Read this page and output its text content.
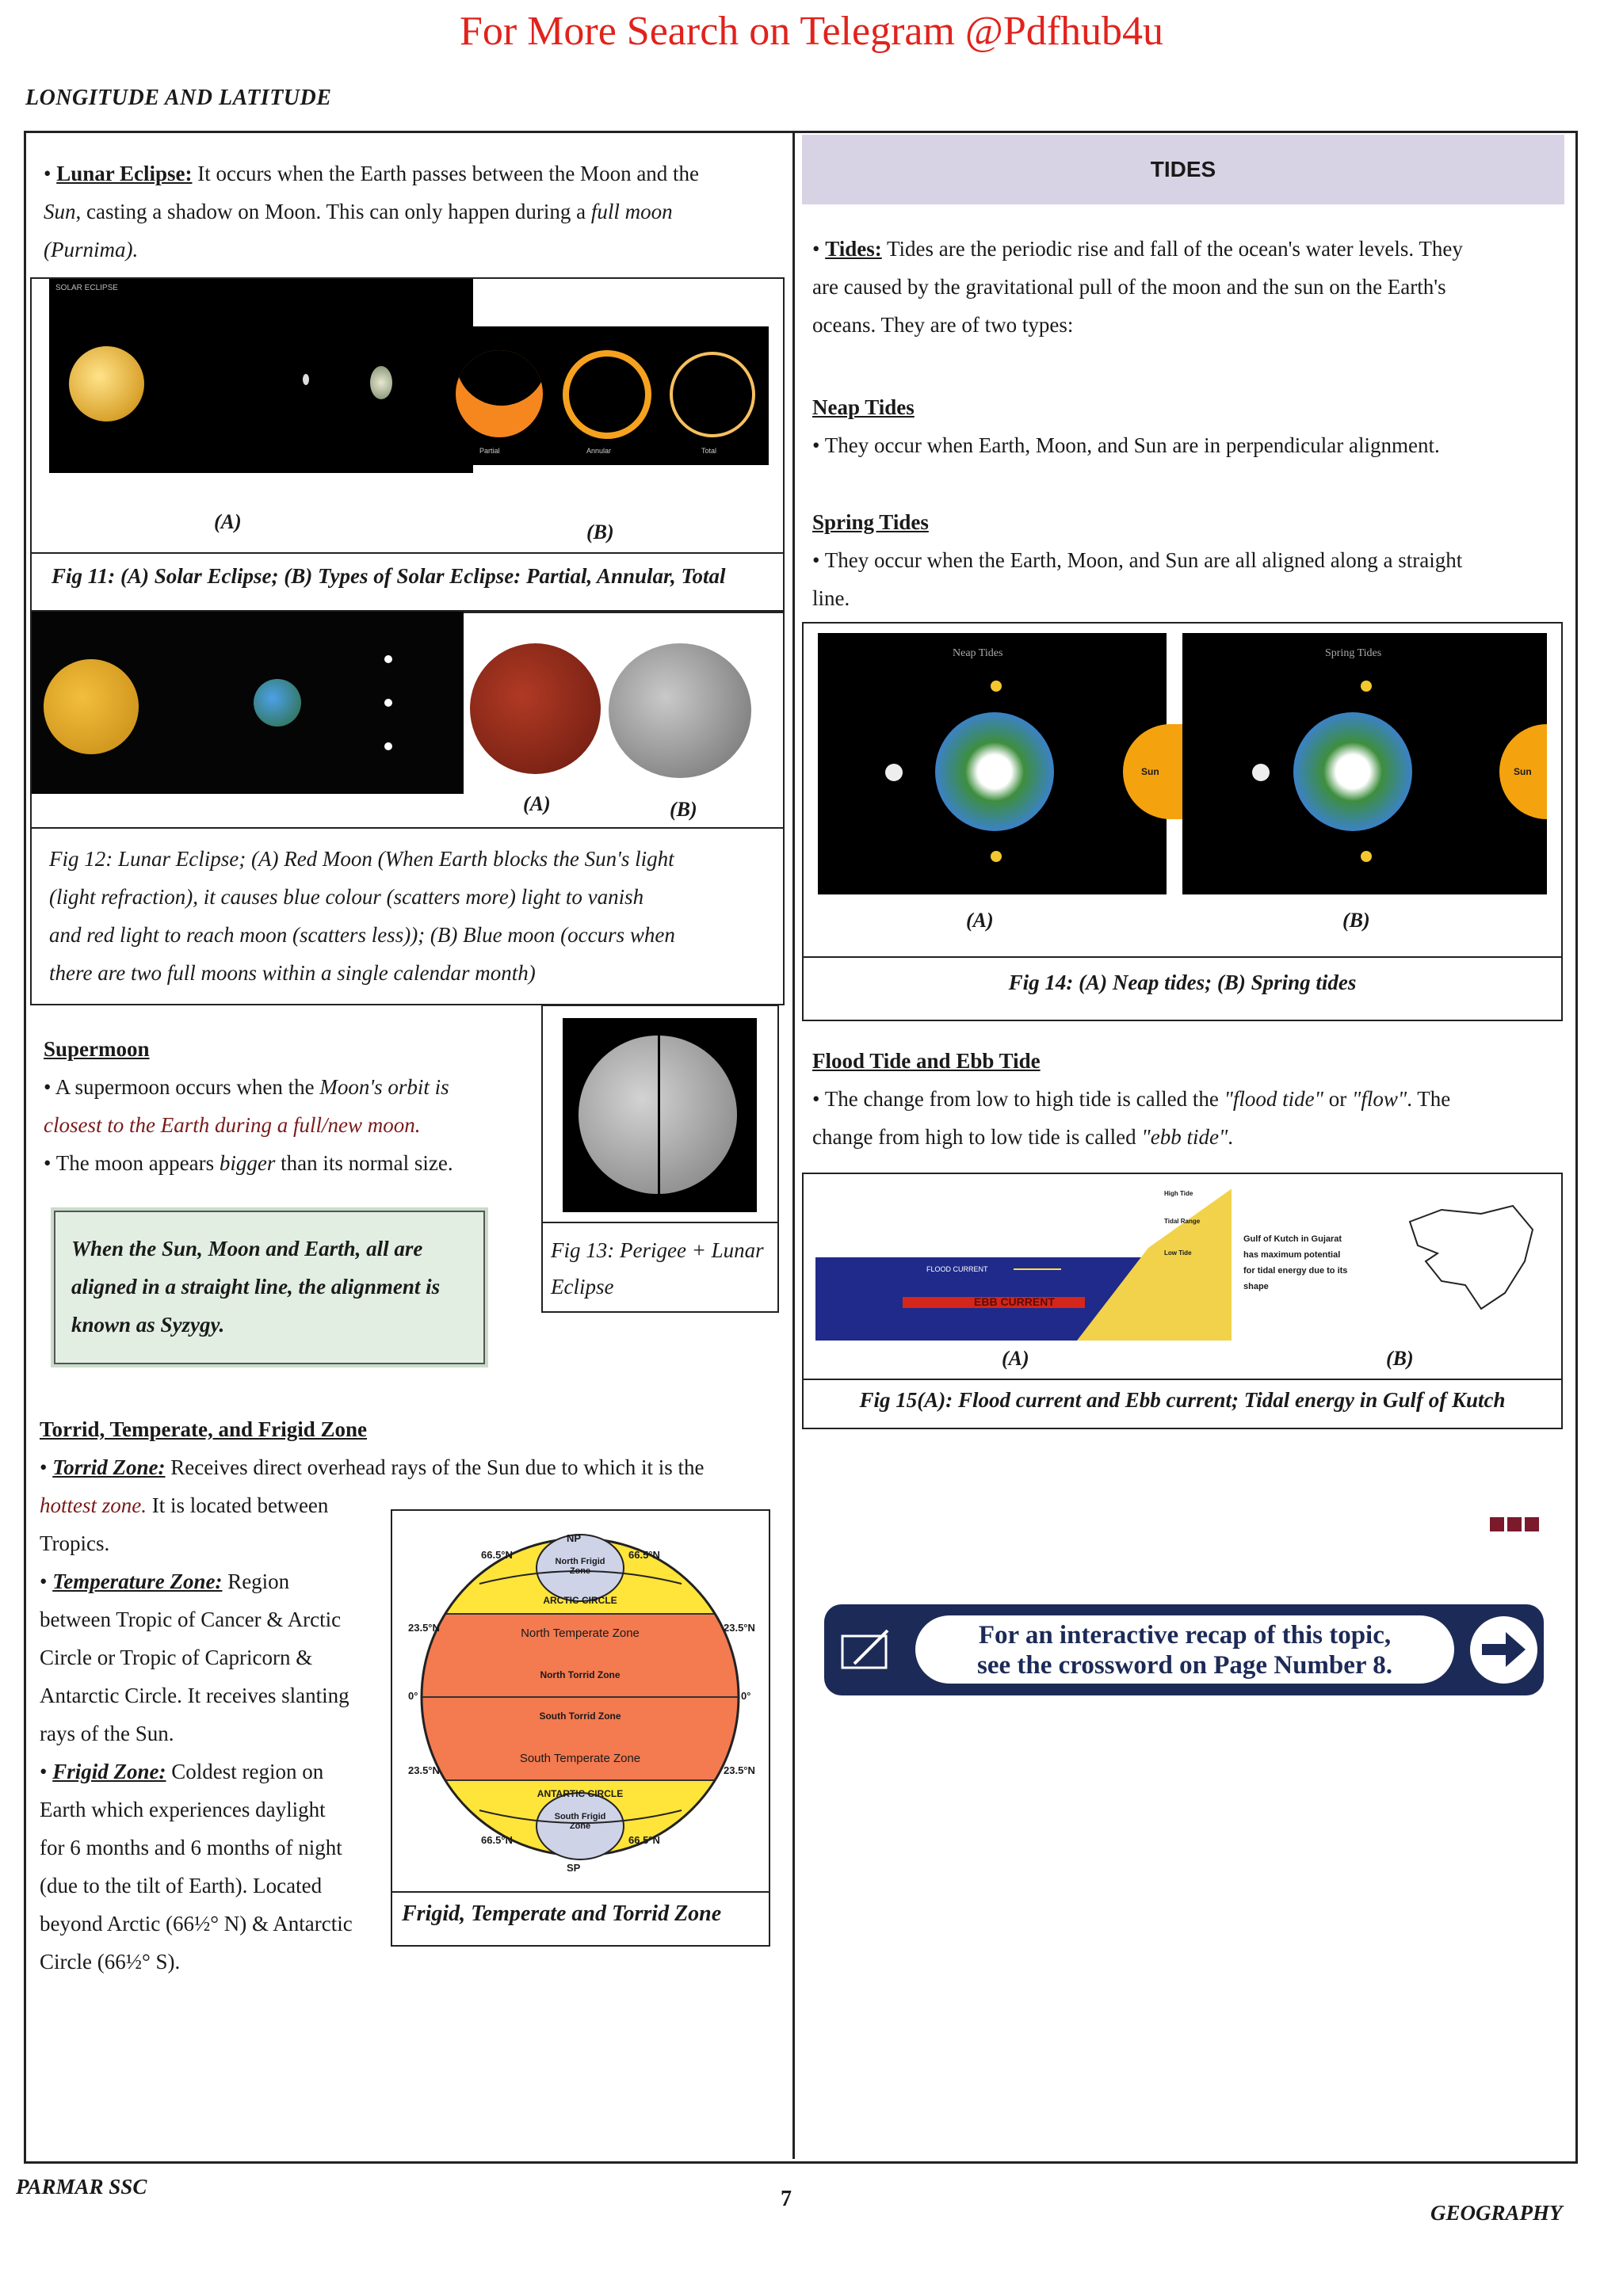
For More Search on Telegram @Pdfhub4u
LONGITUDE AND LATITUDE

• Lunar Eclipse: It occurs when the Earth passes between the Moon and the

Sun, casting a shadow on Moon. This can only happen during a full moon

(Purnima).

SOLAR ECLIPSE
Partial	Annular	Total
(A)	(B)
Fig 11: (A) Solar Eclipse; (B) Types of Solar Eclipse: Partial, Annular, Total
(A)	(B)
Fig 12: Lunar Eclipse; (A) Red Moon (When Earth blocks the Sun's light
(light refraction), it causes blue colour (scatters more) light to vanish
and red light to reach moon (scatters less)); (B) Blue moon (occurs when
there are two full moons within a single calendar month)

Supermoon

• A supermoon occurs when the Moon's orbit is

closest to the Earth during a full/new moon.

• The moon appears bigger than its normal size.

When the Sun, Moon and Earth, all are
aligned in a straight line, the alignment is
known as Syzygy.
Fig 13: Perigee + Lunar
Eclipse

Torrid, Temperate, and Frigid Zone

• Torrid Zone: Receives direct overhead rays of the Sun due to which it is the

hottest zone. It is located between

Tropics.

• Temperature Zone: Region

between Tropic of Cancer & Arctic

Circle or Tropic of Capricorn &

Antarctic Circle. It receives slanting

rays of the Sun.

• Frigid Zone: Coldest region on

Earth which experiences daylight

for 6 months and 6 months of night

(due to the tilt of Earth). Located

beyond Arctic (66½° N) & Antarctic

Circle (66½° S).

NP
SP
66.5°N	66.5°N
66.5°N	66.5°N
23.5°N	23.5°N
23.5°N	23.5°N
0°	0°
North Frigid Zone
ARCTIC CIRCLE
North Temperate Zone
North Torrid Zone
South Torrid Zone
South Temperate Zone
ANTARTIC CIRCLE
South Frigid Zone
Frigid, Temperate and Torrid Zone
TIDES

• Tides: Tides are the periodic rise and fall of the ocean's water levels. They

are caused by the gravitational pull of the moon and the sun on the Earth's

oceans. They are of two types:

Neap Tides

• They occur when Earth, Moon, and Sun are in perpendicular alignment.

Spring Tides

• They occur when the Earth, Moon, and Sun are all aligned along a straight

line.

Neap Tides
Sun
Spring Tides
Sun
(A)	(B)
Fig 14: (A) Neap tides; (B) Spring tides

Flood Tide and Ebb Tide

• The change from low to high tide is called the "flood tide" or "flow". The

change from high to low tide is called "ebb tide".

FLOOD CURRENT
EBB CURRENT
High Tide
Tidal Range
Low Tide
Gulf of Kutch in Gujarat
has maximum potential
for tidal energy due to its
shape
(A)	(B)
Fig 15(A): Flood current and Ebb current; Tidal energy in Gulf of Kutch
For an interactive recap of this topic,
see the crossword on Page Number 8.
PARMAR SSC	7
GEOGRAPHY
